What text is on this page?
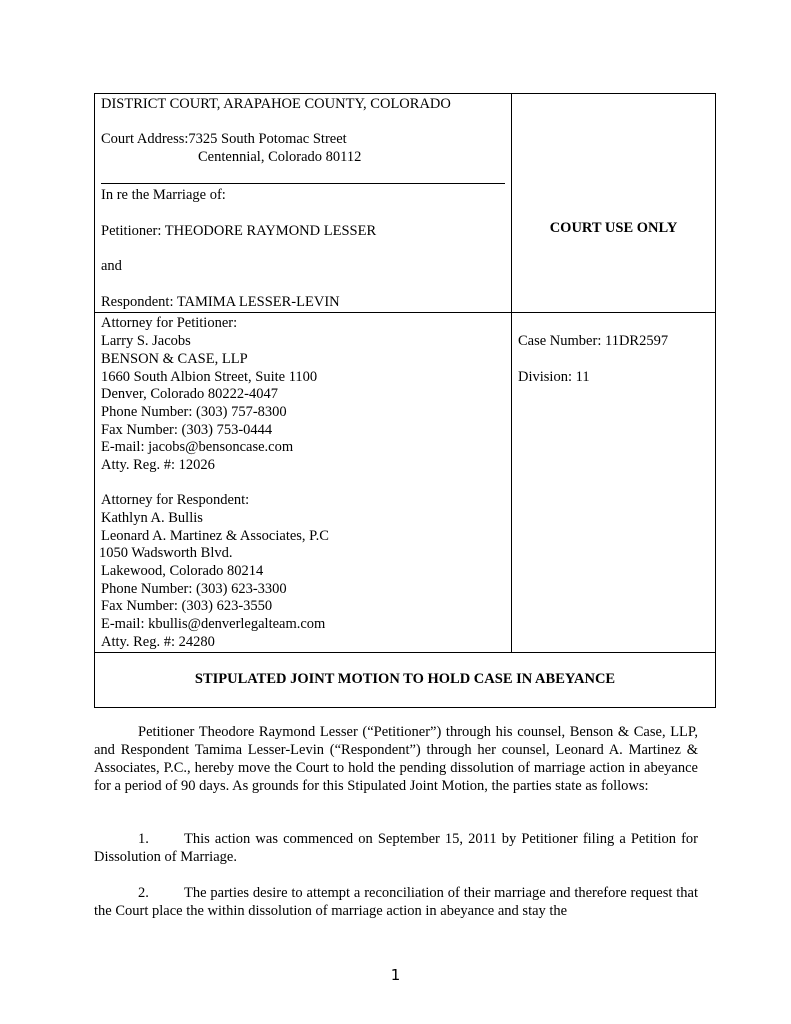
DISTRICT COURT, ARAPAHOE COUNTY, COLORADO
Court Address:7325 South Potomac Street
Centennial, Colorado 80112
In re the Marriage of:
Petitioner: THEODORE RAYMOND LESSER
and
Respondent: TAMIMA LESSER-LEVIN
COURT USE ONLY
Attorney for Petitioner:
Larry S. Jacobs
BENSON & CASE, LLP
1660 South Albion Street, Suite 1100
Denver, Colorado 80222-4047
Phone Number: (303) 757-8300
Fax Number: (303) 753-0444
E-mail: jacobs@bensoncase.com
Atty. Reg. #: 12026
Attorney for Respondent:
Kathlyn A. Bullis
Leonard A. Martinez & Associates, P.C
1050 Wadsworth Blvd.
Lakewood, Colorado 80214
Phone Number: (303) 623-3300
Fax Number: (303) 623-3550
E-mail: kbullis@denverlegalteam.com
Atty. Reg. #: 24280
Case Number: 11DR2597
Division: 11
STIPULATED JOINT MOTION TO HOLD CASE IN ABEYANCE
Petitioner Theodore Raymond Lesser (“Petitioner”) through his counsel, Benson & Case, LLP, and Respondent Tamima Lesser-Levin (“Respondent”) through her counsel, Leonard A. Martinez & Associates, P.C., hereby move the Court to hold the pending dissolution of marriage action in abeyance for a period of 90 days. As grounds for this Stipulated Joint Motion, the parties state as follows:
1. This action was commenced on September 15, 2011 by Petitioner filing a Petition for Dissolution of Marriage.
2. The parties desire to attempt a reconciliation of their marriage and therefore request that the Court place the within dissolution of marriage action in abeyance and stay the
1
